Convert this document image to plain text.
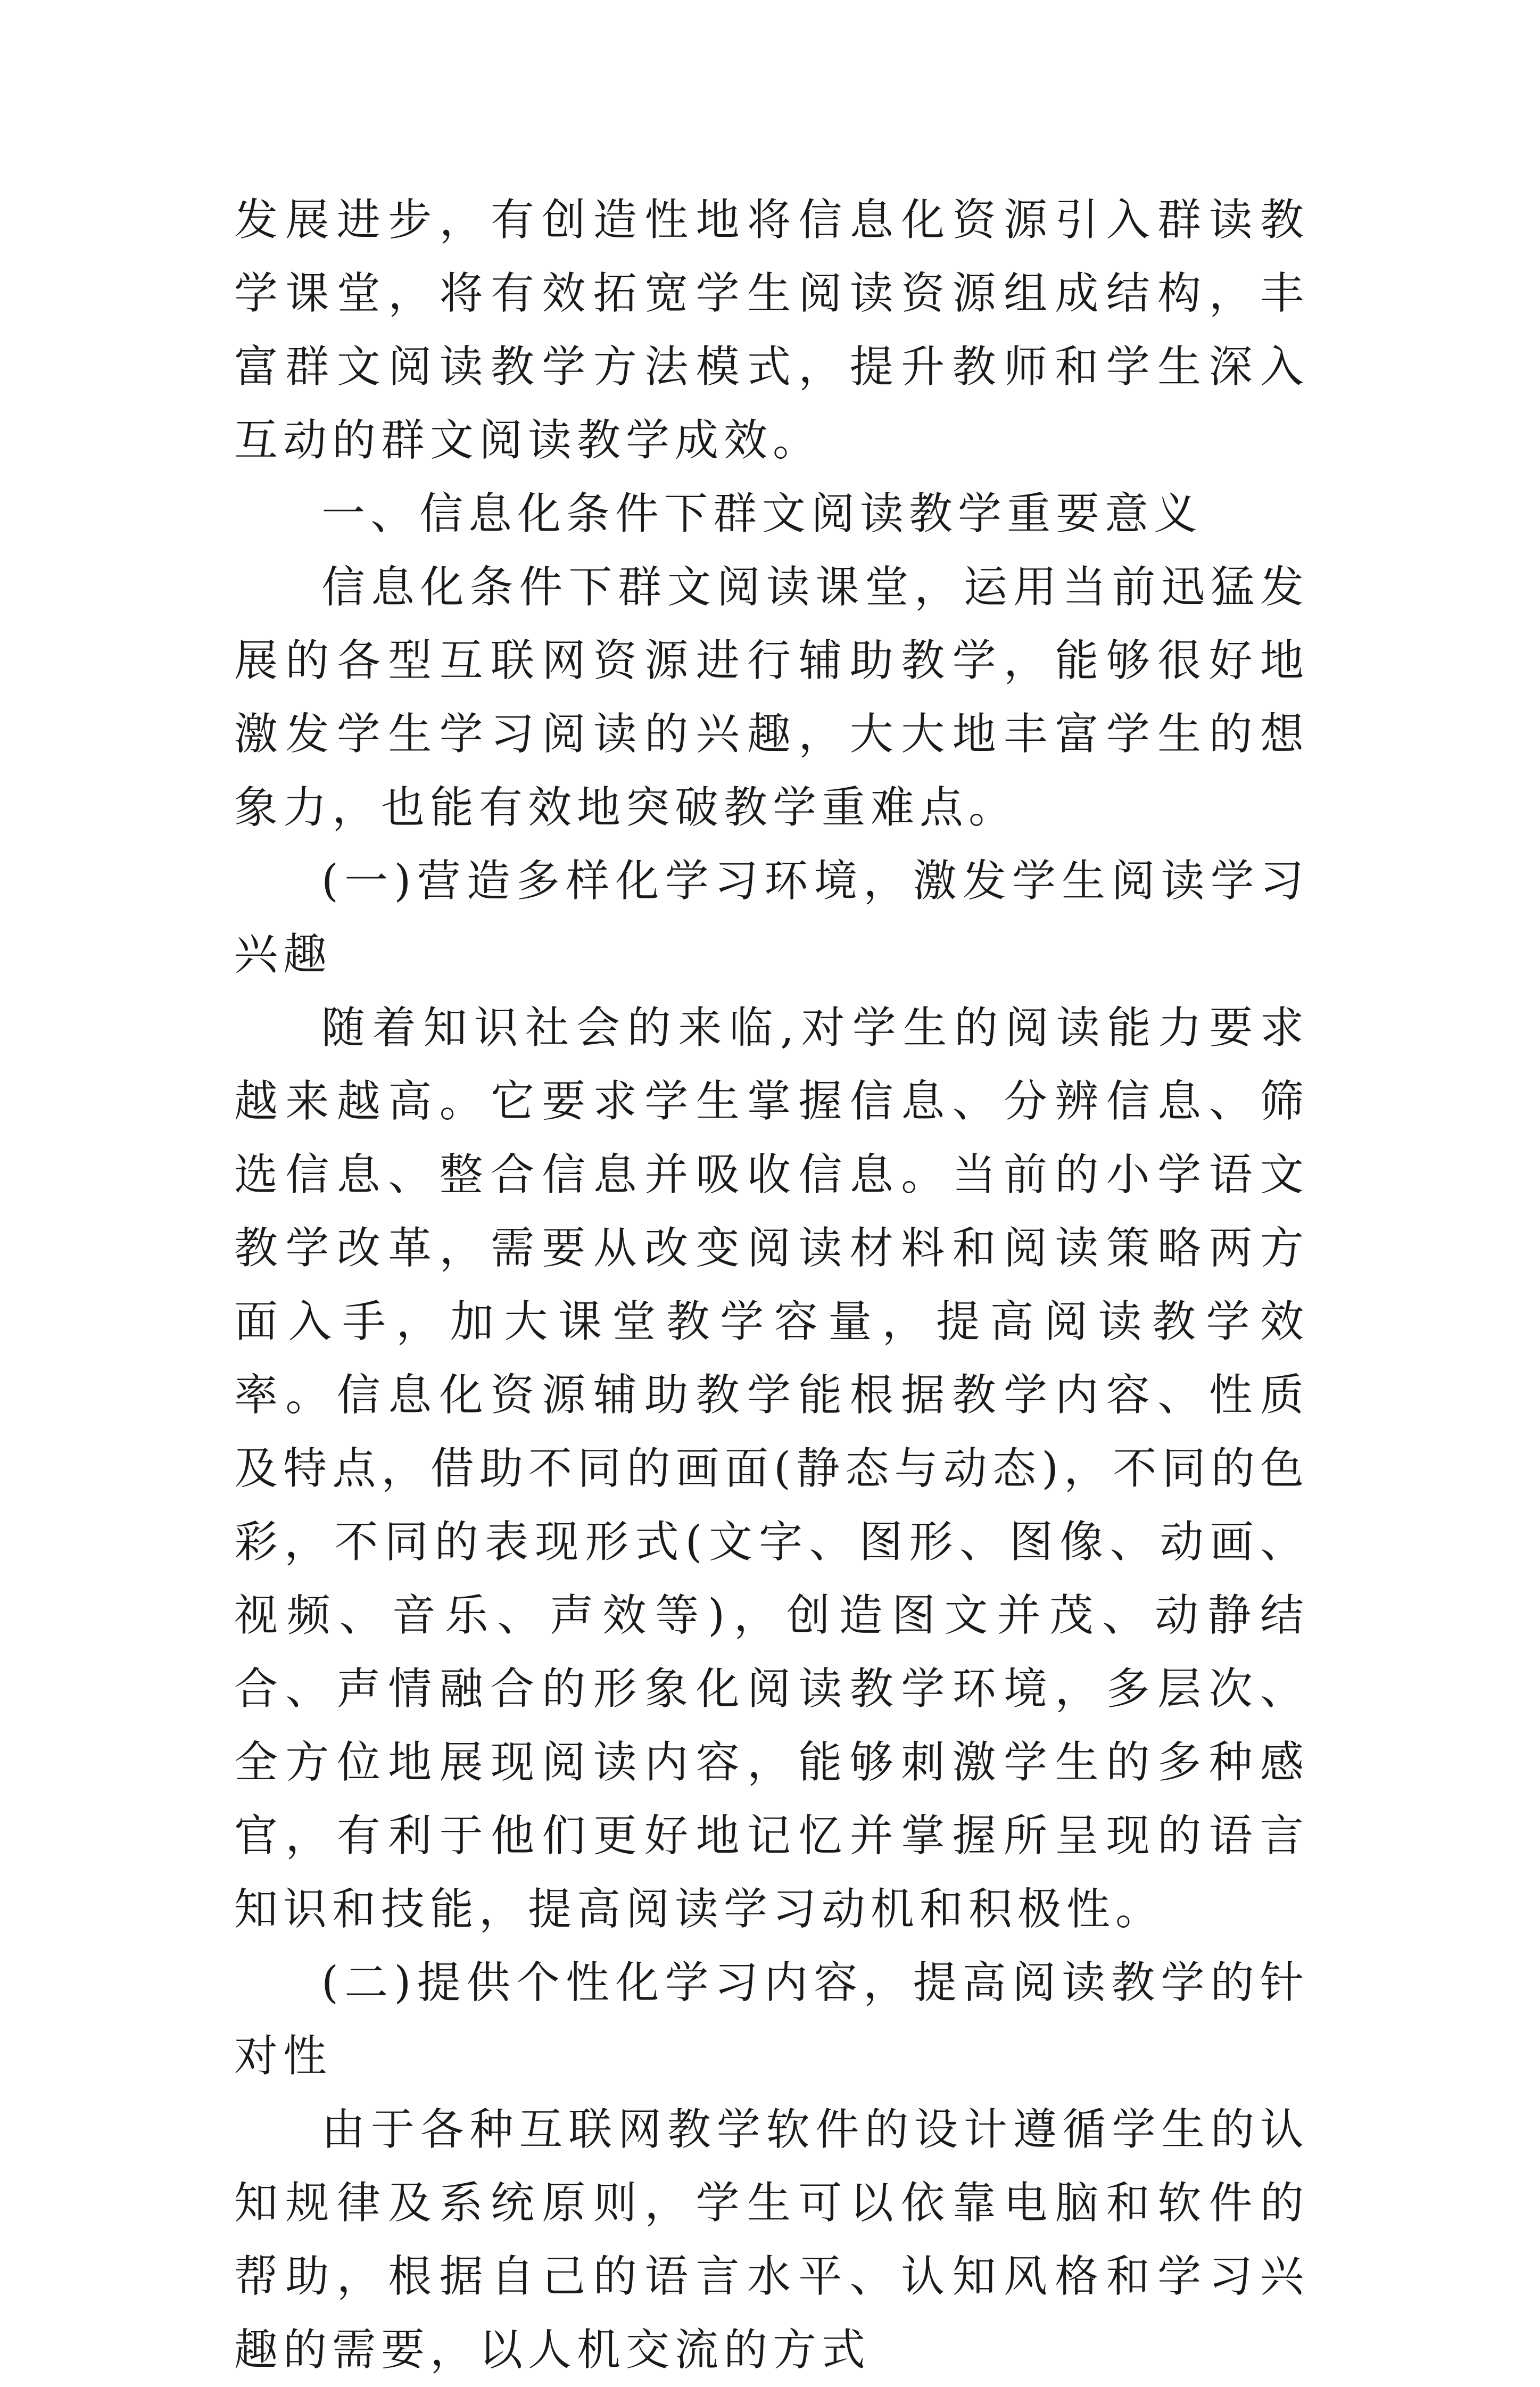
发展进步，有创造性地将信息化资源引入群读教学课堂，将有效拓宽学生阅读资源组成结构，丰富群文阅读教学方法模式，提升教师和学生深入互动的群文阅读教学成效。

一、信息化条件下群文阅读教学重要意义

信息化条件下群文阅读课堂，运用当前迅猛发展的各型互联网资源进行辅助教学，能够很好地激发学生学习阅读的兴趣，大大地丰富学生的想象力，也能有效地突破教学重难点。

(一)营造多样化学习环境，激发学生阅读学习兴趣

随着知识社会的来临,对学生的阅读能力要求越来越高。它要求学生掌握信息、分辨信息、筛选信息、整合信息并吸收信息。当前的小学语文教学改革，需要从改变阅读材料和阅读策略两方面入手，加大课堂教学容量，提高阅读教学效率。信息化资源辅助教学能根据教学内容、性质及特点，借助不同的画面(静态与动态)，不同的色彩，不同的表现形式(文字、图形、图像、动画、视频、音乐、声效等)，创造图文并茂、动静结合、声情融合的形象化阅读教学环境，多层次、全方位地展现阅读内容，能够刺激学生的多种感官，有利于他们更好地记忆并掌握所呈现的语言知识和技能，提高阅读学习动机和积极性。

(二)提供个性化学习内容，提高阅读教学的针对性

由于各种互联网教学软件的设计遵循学生的认知规律及系统原则，学生可以依靠电脑和软件的帮助，根据自己的语言水平、认知风格和学习兴趣的需要，以人机交流的方式
